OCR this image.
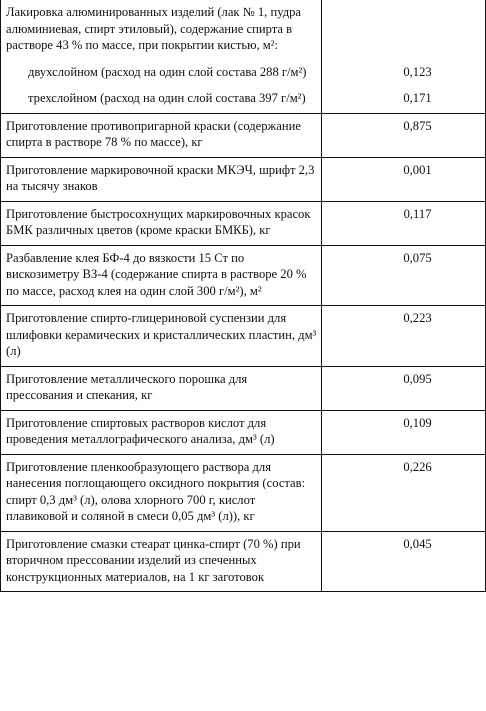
Лакировка алюминированных изделий (лак № 1, пудра алюминиевая, спирт этиловый), содержание спирта в растворе 43 % по массе, при покрытии кистью, м²:	

двухслойном (расход на один слой состава 288 г/м²)	0,123

трехслойном (расход на один слой состава 397 г/м²)	0,171

Приготовление противопригарной краски (содержание спирта в растворе 78 % по массе), кг	0,875

Приготовление маркировочной краски МКЭЧ, шрифт 2,3 на тысячу знаков	0,001

Приготовление быстросохнущих маркировочных красок БМК различных цветов (кроме краски БМКБ), кг	0,117

Разбавление клея БФ-4 до вязкости 15 Ст по вискозиметру ВЗ-4 (содержание спирта в растворе 20 % по массе, расход клея на один слой 300 г/м²), м²	0,075

Приготовление спирто-глицериновой суспензии для шлифовки керамических и кристаллических пластин, дм³ (л)	0,223

Приготовление металлического порошка для прессования и спекания, кг	0,095

Приготовление спиртовых растворов кислот для проведения металлографического анализа, дм³ (л)	0,109

Приготовление пленкообразующего раствора для нанесения поглощающего оксидного покрытия (состав: спирт 0,3 дм³ (л), олова хлорного 700 г, кислот плавиковой и соляной в смеси 0,05 дм³ (л)), кг	0,226

Приготовление смазки стеарат цинка-спирт (70 %) при вторичном прессовании изделий из спеченных конструкционных материалов, на 1 кг заготовок	0,045
